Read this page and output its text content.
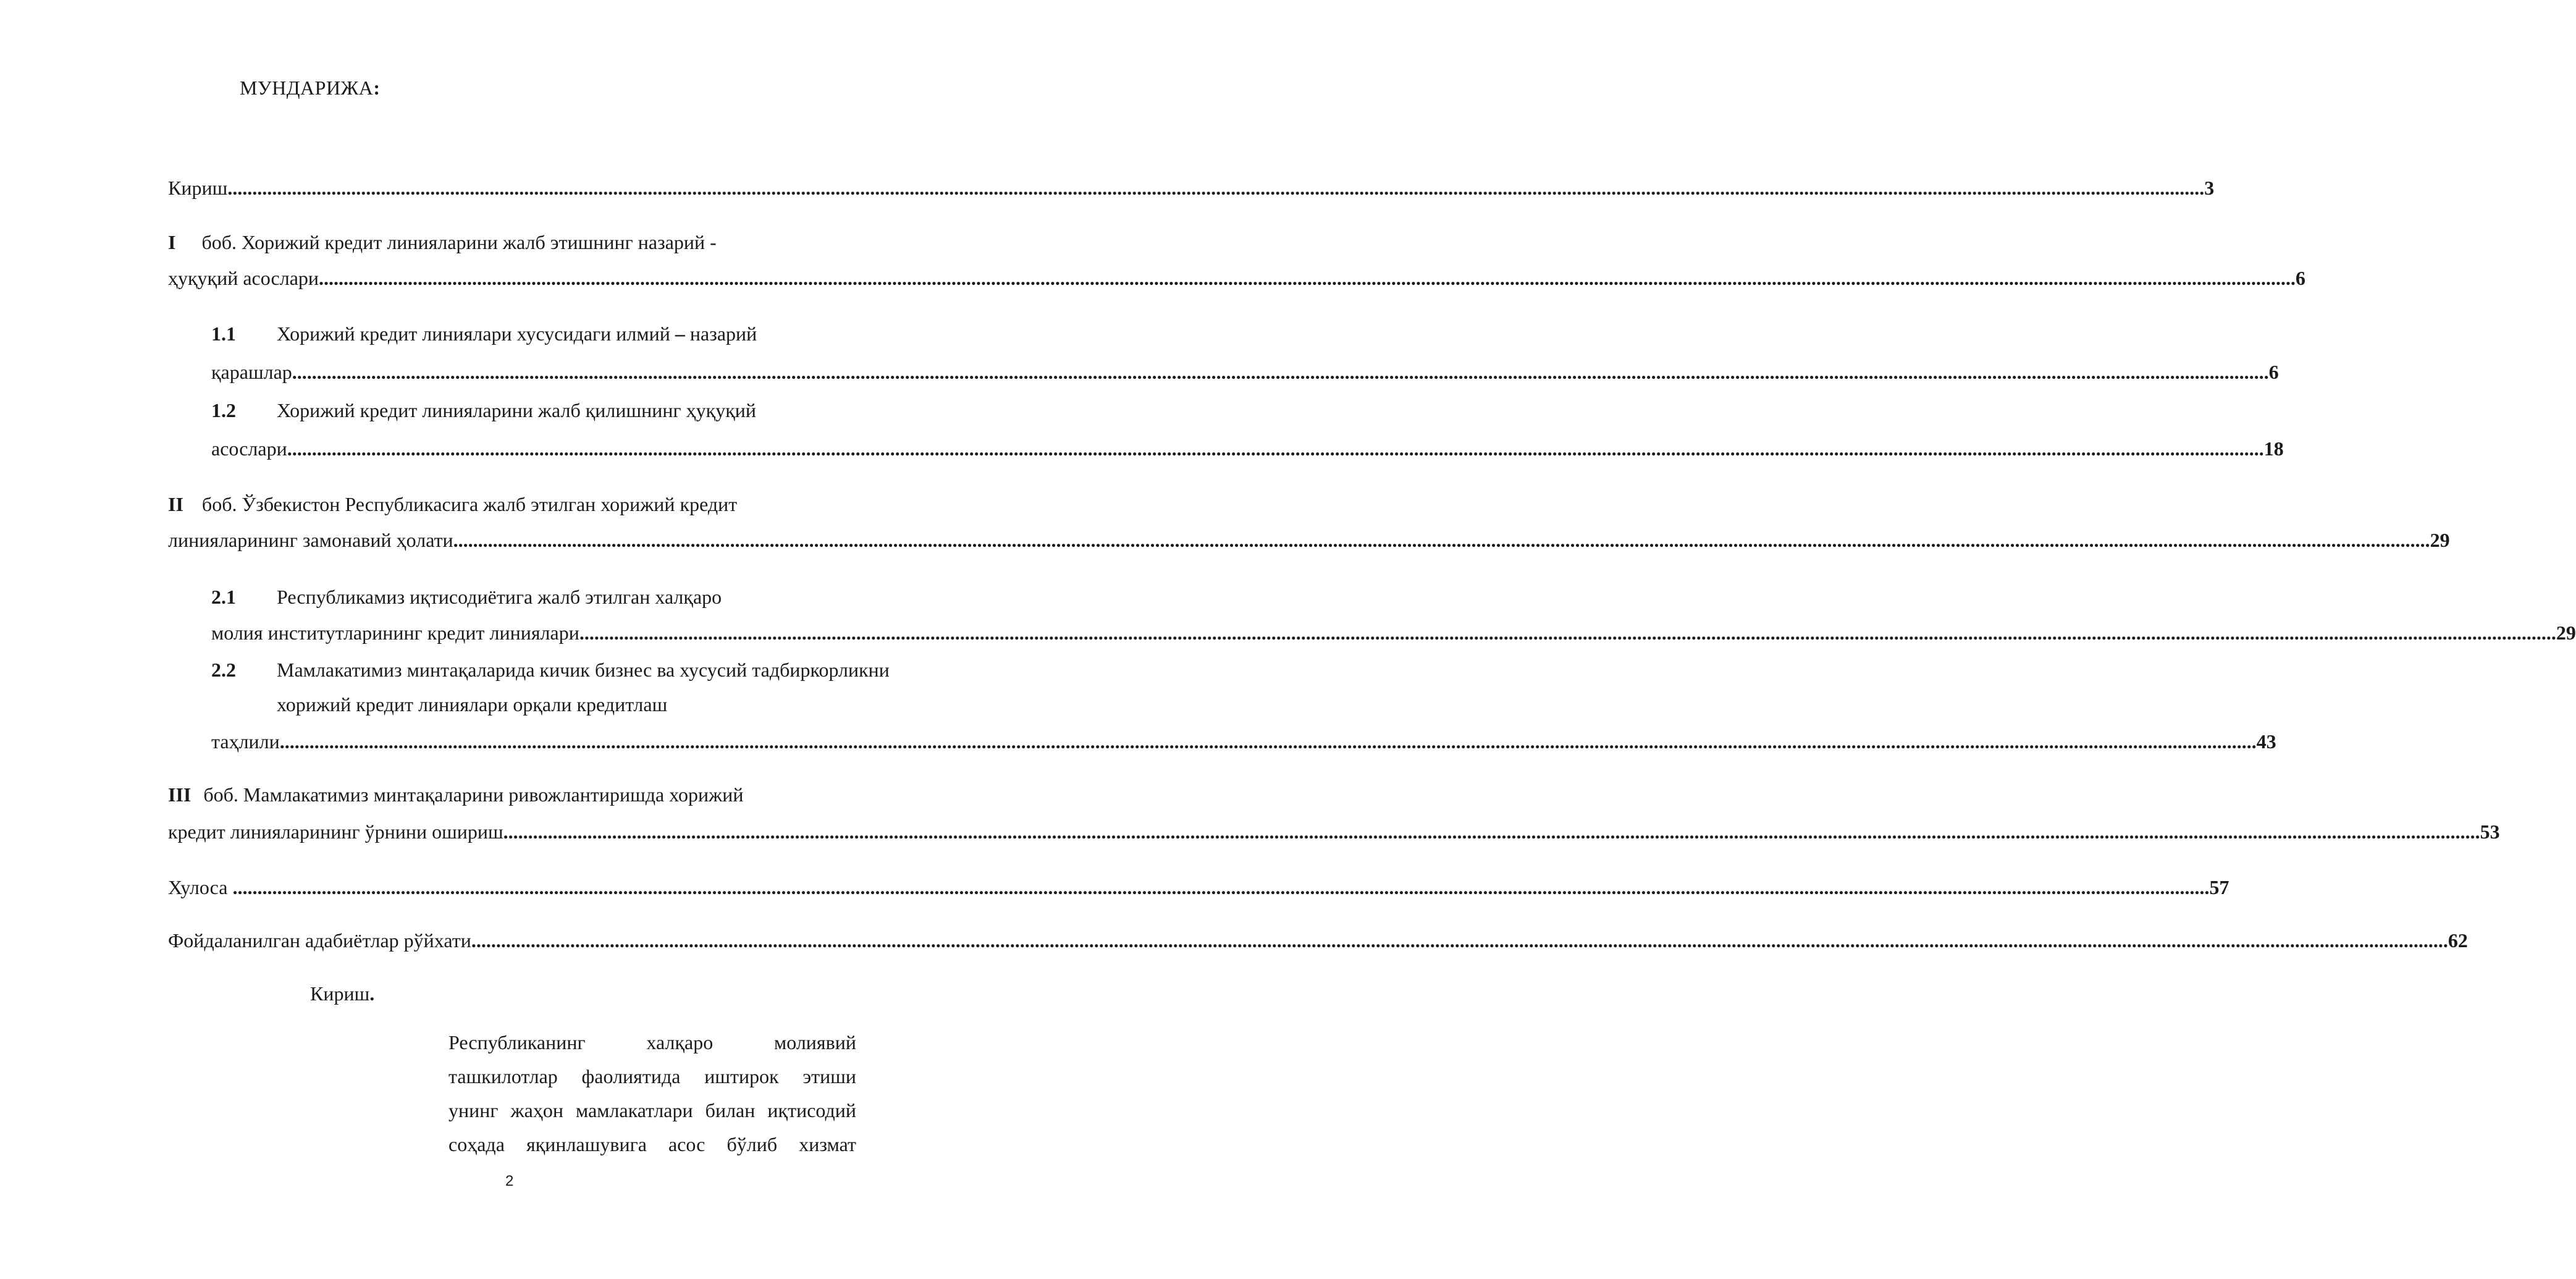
МУНДАРИЖА:
Кириш ................................................................................................................................................................................................................................................................................................................................................................................................................ 3
I боб. Хорижий кредит линияларини жалб этишнинг назарий -
ҳуқуқий асослари ................................................................................................................................................................................................................................................................................................................................................................................................................ 6
1.1 Хорижий кредит линиялари хусусидаги илмий – назарий
қарашлар ................................................................................................................................................................................................................................................................................................................................................................................................................ 6
1.2 Хорижий кредит линияларини жалб қилишнинг ҳуқуқий
асослари ................................................................................................................................................................................................................................................................................................................................................................................................................ 18
II боб. Ўзбекистон Республикасига жалб этилган хорижий кредит
линияларининг замонавий ҳолати ................................................................................................................................................................................................................................................................................................................................................................................................................ 29
2.1 Республикамиз иқтисодиётига жалб этилган халқаро
молия институтларининг кредит линиялари ................................................................................................................................................................................................................................................................................................................................................................................................................ 29
2.2 Мамлакатимиз минтақаларида кичик бизнес ва хусусий тадбиркорликни
хорижий кредит линиялари орқали кредитлаш
таҳлили ................................................................................................................................................................................................................................................................................................................................................................................................................ 43
III боб. Мамлакатимиз минтақаларини ривожлантиришда хорижий
кредит линияларининг ўрнини ошириш ................................................................................................................................................................................................................................................................................................................................................................................................................ 53
Хулоса ................................................................................................................................................................................................................................................................................................................................................................................................................ 57
Фойдаланилган адабиётлар рўйхати ................................................................................................................................................................................................................................................................................................................................................................................................................ 62
Кириш.
Республиканинг халқаро молиявий
ташкилотлар фаолиятида иштирок этиши
унинг жаҳон мамлакатлари билан иқтисодий
соҳада яқинлашувига асос бўлиб хизмат
2
